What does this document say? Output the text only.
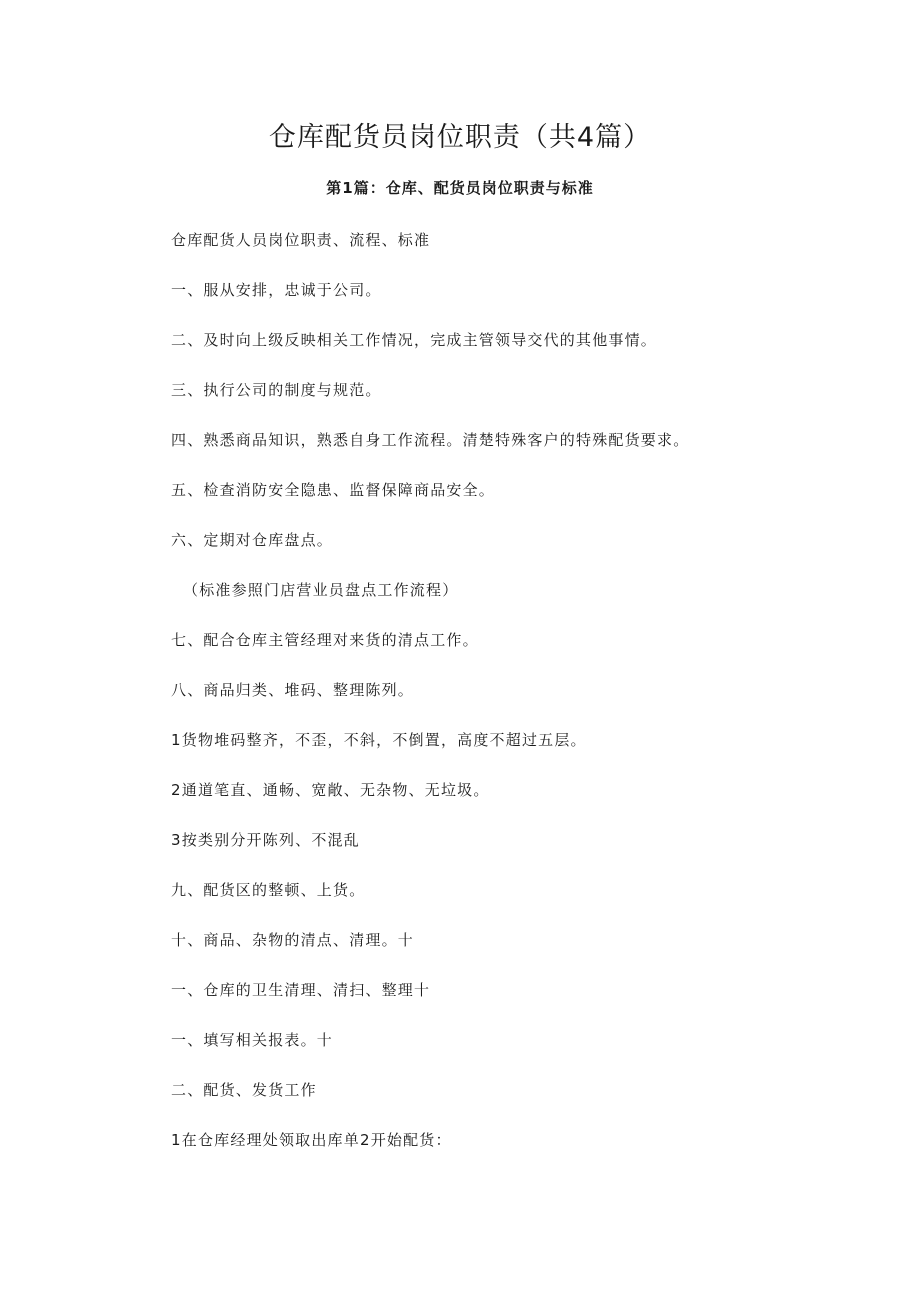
仓库配货员岗位职责（共4篇）
第1篇：仓库、配货员岗位职责与标准
仓库配货人员岗位职责、流程、标准
一、服从安排，忠诚于公司。
二、及时向上级反映相关工作情况，完成主管领导交代的其他事情。
三、执行公司的制度与规范。
四、熟悉商品知识，熟悉自身工作流程。清楚特殊客户的特殊配货要求。
五、检查消防安全隐患、监督保障商品安全。
六、定期对仓库盘点。
（标准参照门店营业员盘点工作流程）
七、配合仓库主管经理对来货的清点工作。
八、商品归类、堆码、整理陈列。
1货物堆码整齐，不歪，不斜，不倒置，高度不超过五层。
2通道笔直、通畅、宽敞、无杂物、无垃圾。
3按类别分开陈列、不混乱
九、配货区的整顿、上货。
十、商品、杂物的清点、清理。十
一、仓库的卫生清理、清扫、整理十
一、填写相关报表。十
二、配货、发货工作
1在仓库经理处领取出库单2开始配货：
